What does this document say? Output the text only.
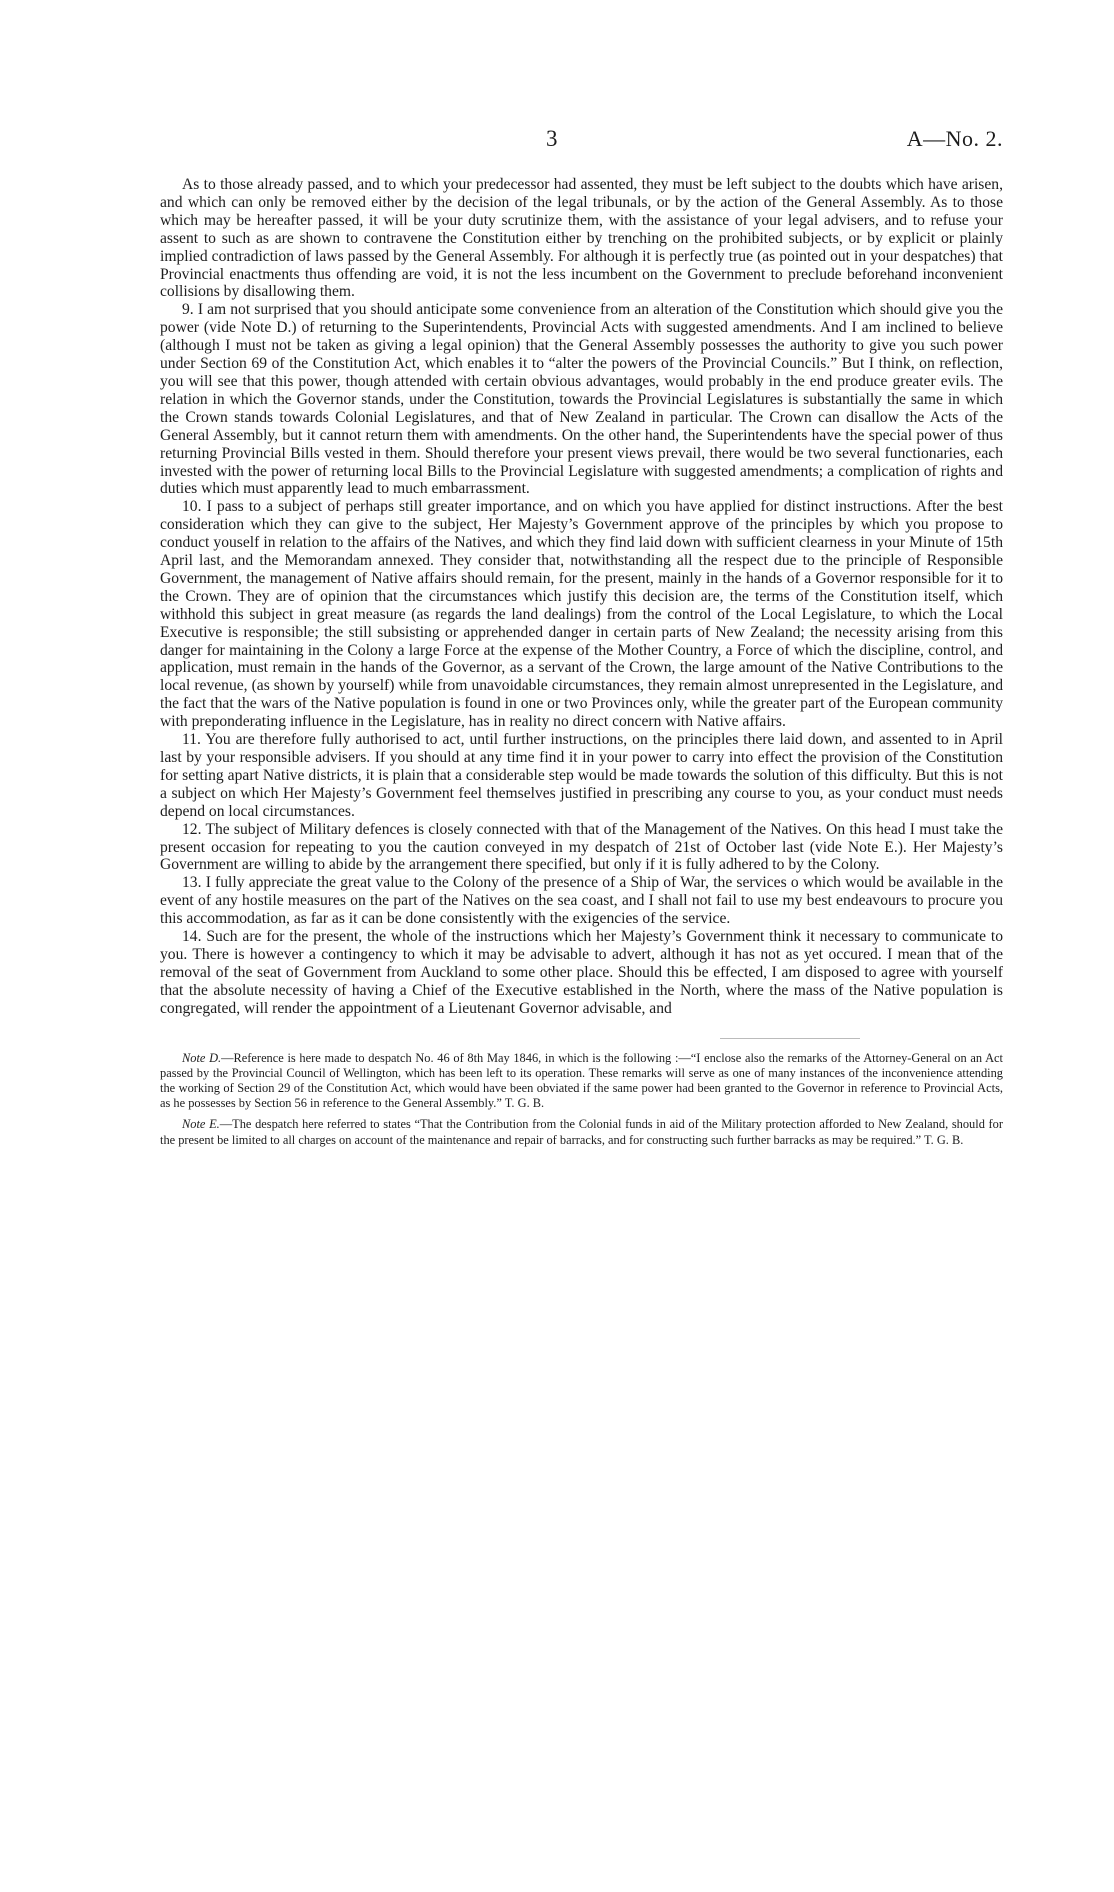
3	A—No. 2.

As to those already passed, and to which your predecessor had assented, they must be left subject to the doubts which have arisen, and which can only be removed either by the decision of the legal tribunals, or by the action of the General Assembly. As to those which may be hereafter passed, it will be your duty scrutinize them, with the assistance of your legal advisers, and to refuse your assent to such as are shown to contravene the Constitution either by trenching on the prohibited subjects, or by explicit or plainly implied contradiction of laws passed by the General Assembly. For although it is perfectly true (as pointed out in your despatches) that Provincial enactments thus offending are void, it is not the less incumbent on the Government to preclude beforehand inconvenient collisions by disallowing them.

9. I am not surprised that you should anticipate some convenience from an alteration of the Constitution which should give you the power (vide Note D.) of returning to the Superintendents, Provincial Acts with suggested amendments. And I am inclined to believe (although I must not be taken as giving a legal opinion) that the General Assembly possesses the authority to give you such power under Section 69 of the Constitution Act, which enables it to “alter the powers of the Provincial Councils.” But I think, on reflection, you will see that this power, though attended with certain obvious advantages, would probably in the end produce greater evils. The relation in which the Governor stands, under the Constitution, towards the Provincial Legislatures is substantially the same in which the Crown stands towards Colonial Legislatures, and that of New Zealand in particular. The Crown can disallow the Acts of the General Assembly, but it cannot return them with amendments. On the other hand, the Superintendents have the special power of thus returning Provincial Bills vested in them. Should therefore your present views prevail, there would be two several functionaries, each invested with the power of returning local Bills to the Provincial Legislature with suggested amendments; a complication of rights and duties which must apparently lead to much embarrassment.

10. I pass to a subject of perhaps still greater importance, and on which you have applied for distinct instructions. After the best consideration which they can give to the subject, Her Majesty’s Government approve of the principles by which you propose to conduct youself in relation to the affairs of the Natives, and which they find laid down with sufficient clearness in your Minute of 15th April last, and the Memorandam annexed. They consider that, notwithstanding all the respect due to the principle of Responsible Government, the management of Native affairs should remain, for the present, mainly in the hands of a Governor responsible for it to the Crown. They are of opinion that the circumstances which justify this decision are, the terms of the Constitution itself, which withhold this subject in great measure (as regards the land dealings) from the control of the Local Legislature, to which the Local Executive is responsible; the still subsisting or apprehended danger in certain parts of New Zealand; the necessity arising from this danger for maintaining in the Colony a large Force at the expense of the Mother Country, a Force of which the discipline, control, and application, must remain in the hands of the Governor, as a servant of the Crown, the large amount of the Native Contributions to the local revenue, (as shown by yourself) while from unavoidable circumstances, they remain almost unrepresented in the Legislature, and the fact that the wars of the Native population is found in one or two Provinces only, while the greater part of the European community with preponderating influence in the Legislature, has in reality no direct concern with Native affairs.

11. You are therefore fully authorised to act, until further instructions, on the principles there laid down, and assented to in April last by your responsible advisers. If you should at any time find it in your power to carry into effect the provision of the Constitution for setting apart Native districts, it is plain that a considerable step would be made towards the solution of this difficulty. But this is not a subject on which Her Majesty’s Government feel themselves justified in prescribing any course to you, as your conduct must needs depend on local circumstances.

12. The subject of Military defences is closely connected with that of the Management of the Natives. On this head I must take the present occasion for repeating to you the caution conveyed in my despatch of 21st of October last (vide Note E.). Her Majesty’s Government are willing to abide by the arrangement there specified, but only if it is fully adhered to by the Colony.

13. I fully appreciate the great value to the Colony of the presence of a Ship of War, the services o which would be available in the event of any hostile measures on the part of the Natives on the sea coast, and I shall not fail to use my best endeavours to procure you this accommodation, as far as it can be done consistently with the exigencies of the service.

14. Such are for the present, the whole of the instructions which her Majesty’s Government think it necessary to communicate to you. There is however a contingency to which it may be advisable to advert, although it has not as yet occured. I mean that of the removal of the seat of Government from Auckland to some other place. Should this be effected, I am disposed to agree with yourself that the absolute necessity of having a Chief of the Executive established in the North, where the mass of the Native population is congregated, will render the appointment of a Lieutenant Governor advisable, and

Note D.—Reference is here made to despatch No. 46 of 8th May 1846, in which is the following :—“I enclose also the remarks of the Attorney-General on an Act passed by the Provincial Council of Wellington, which has been left to its operation. These remarks will serve as one of many instances of the inconvenience attending the working of Section 29 of the Constitution Act, which would have been obviated if the same power had been granted to the Governor in reference to Provincial Acts, as he possesses by Section 56 in reference to the General Assembly.” T. G. B.

Note E.—The despatch here referred to states “That the Contribution from the Colonial funds in aid of the Military protection afforded to New Zealand, should for the present be limited to all charges on account of the maintenance and repair of barracks, and for constructing such further barracks as may be required.” T. G. B.
